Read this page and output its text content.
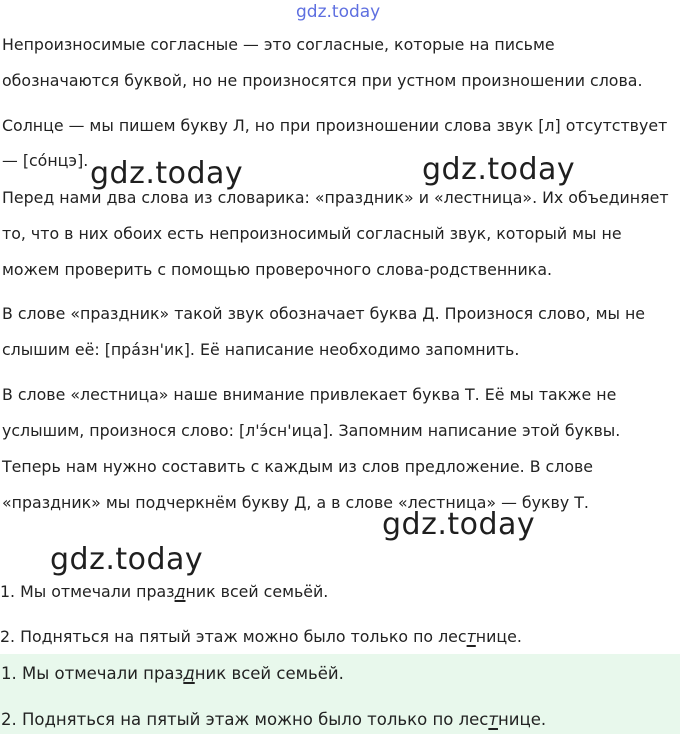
gdz.today
gdz.today	gdz.today
gdz.today
gdz.today
Непроизносимые согласные — это согласные, которые на письме
обозначаются буквой, но не произносятся при устном произношении слова.
Солнце — мы пишем букву Л, но при произношении слова звук [л] отсутствует
— [со́нцэ].
Перед нами два слова из словарика: «праздник» и «лестница». Их объединяет
то, что в них обоих есть непроизносимый согласный звук, который мы не
можем проверить с помощью проверочного слова-родственника.
В слове «праздник» такой звук обозначает буква Д. Произнося слово, мы не
слышим её: [пра́зн'ик]. Её написание необходимо запомнить.
В слове «лестница» наше внимание привлекает буква Т. Её мы также не
услышим, произнося слово: [л'э́сн'ица]. Запомним написание этой буквы.
Теперь нам нужно составить с каждым из слов предложение. В слове
«праздник» мы подчеркнём букву Д, а в слове «лестница» — букву Т.
1. Мы отмечали праздник всей семьёй.
2. Подняться на пятый этаж можно было только по лестнице.
1. Мы отмечали праздник всей семьёй.
2. Подняться на пятый этаж можно было только по лестнице.
